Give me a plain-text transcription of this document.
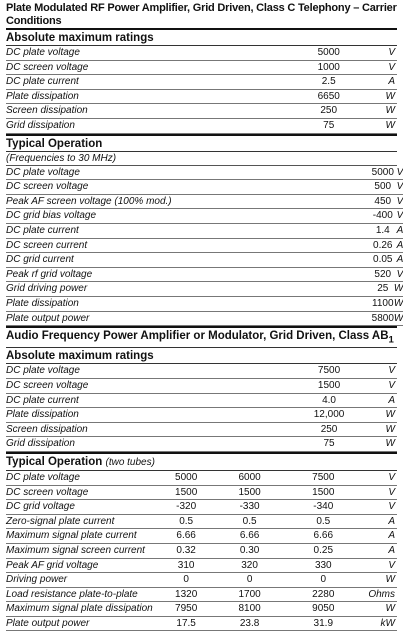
Plate Modulated RF Power Amplifier, Grid Driven, Class C Telephony – Carrier Conditions
Absolute maximum ratings
DC plate voltage	5000	V
DC screen voltage	1000	V
DC plate current	2.5	A
Plate dissipation	6650	W
Screen dissipation	250	W
Grid dissipation	75	W
Typical Operation
(Frequencies to 30 MHz)
DC plate voltage	5000	V
DC screen voltage	500	V
Peak AF screen voltage (100% mod.)	450	V
DC grid bias voltage	-400	V
DC plate current	1.4	A
DC screen current	0.26	A
DC grid current	0.05	A
Peak rf grid voltage	520	V
Grid driving power	25	W
Plate dissipation	1100	W
Plate output power	5800	W
Audio Frequency Power Amplifier or Modulator, Grid Driven, Class $AB_1$
Absolute maximum ratings
DC plate voltage	7500	V
DC screen voltage	1500	V
DC plate current	4.0	A
Plate dissipation	12,000	W
Screen dissipation	250	W
Grid dissipation	75	W
Typical Operation (two tubes)
DC plate voltage	5000	6000	7500	V
DC screen voltage	1500	1500	1500	V
DC grid voltage	-320	-330	-340	V
Zero-signal plate current	0.5	0.5	0.5	A
Maximum signal plate current	6.66	6.66	6.66	A
Maximum signal screen current	0.32	0.30	0.25	A
Peak AF grid voltage	310	320	330	V
Driving power	0	0	0	W
Load resistance plate-to-plate	1320	1700	2280	Ohms
Maximum signal plate dissipation	7950	8100	9050	W
Plate output power	17.5	23.8	31.9	kW
